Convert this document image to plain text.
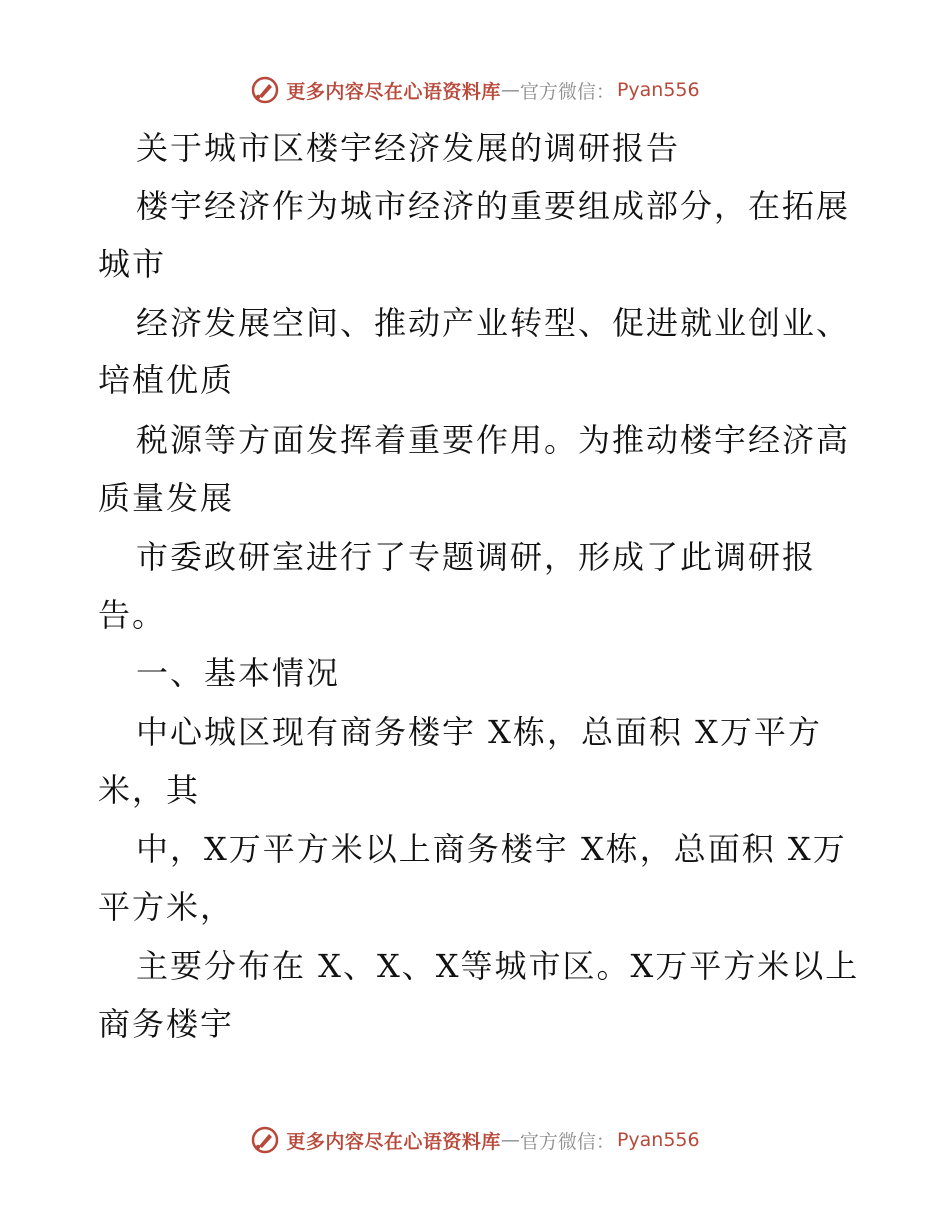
更多内容尽在心语资料库 — 官方微信： Pyan556
关于城市区楼宇经济发展的调研报告
楼宇经济作为城市经济的重要组成部分，在拓展
城市
经济发展空间、推动产业转型、促进就业创业、
培植优质
税源等方面发挥着重要作用。为推动楼宇经济高
质量发展
市委政研室进行了专题调研，形成了此调研报
告。
一、基本情况
中心城区现有商务楼宇 X栋，总面积 X万平方
米，其
中，X万平方米以上商务楼宇 X栋，总面积 X万
平方米，
主要分布在 X、X、X等城市区。X万平方米以上
商务楼宇
更多内容尽在心语资料库 — 官方微信： Pyan556
